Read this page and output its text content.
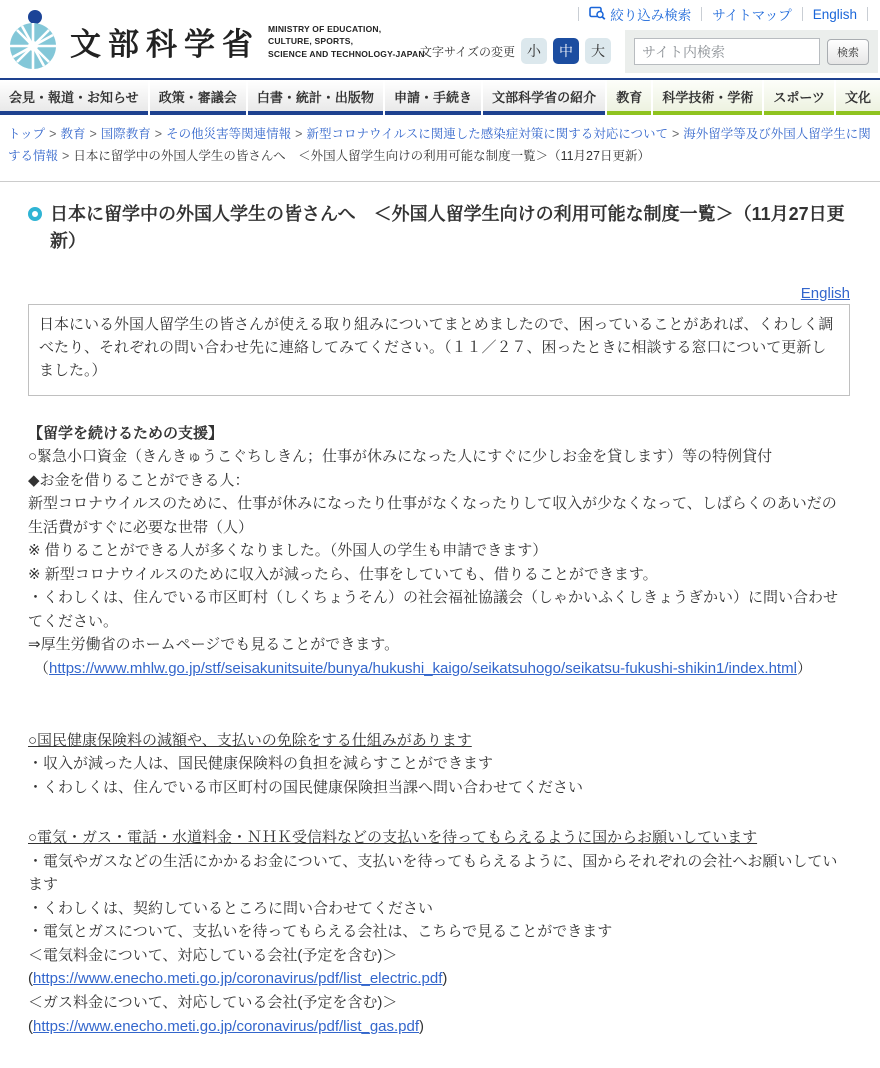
文部科学省 MINISTRY OF EDUCATION,
CULTURE, SPORTS,
SCIENCE AND TECHNOLOGY-JAPAN
絞り込み検索 サイトマップ English
文字サイズの変更 小	中	大
サイト内検索	検索
会見・報道・お知らせ	政策・審議会	白書・統計・出版物	申請・手続き	文部科学省の紹介	教育	科学技術・学術	スポーツ	文化
トップ > 教育 > 国際教育 > その他災害等関連情報 > 新型コロナウイルスに関連した感染症対策に関する対応について > 海外留学等及び外国人留学生に関する情報 > 日本に留学中の外国人学生の皆さんへ　＜外国人留学生向けの利用可能な制度一覧＞（11月27日更新）
日本に留学中の外国人学生の皆さんへ　＜外国人留学生向けの利用可能な制度一覧＞（11月27日更新）
English

日本にいる外国人留学生の皆さんが使える取り組みについてまとめましたので、困っていることがあれば、くわしく調べたり、それぞれの問い合わせ先に連絡してみてください。（１１／２７、困ったときに相談する窓口について更新しました。）

【留学を続けるための支援】

○緊急小口資金（きんきゅうこぐちしきん；仕事が休みになった人にすぐに少しお金を貸します）等の特例貸付

◆お金を借りることができる人：

新型コロナウイルスのために、仕事が休みになったり仕事がなくなったりして収入が少なくなって、しばらくのあいだの生活費がすぐに必要な世帯（人）

※ 借りることができる人が多くなりました。（外国人の学生も申請できます）

※ 新型コロナウイルスのために収入が減ったら、仕事をしていても、借りることができます。

・くわしくは、住んでいる市区町村（しくちょうそん）の社会福祉協議会（しゃかいふくしきょうぎかい）に問い合わせてください。

⇒厚生労働省のホームページでも見ることができます。

（https://www.mhlw.go.jp/stf/seisakunitsuite/bunya/hukushi_kaigo/seikatsuhogo/seikatsu-fukushi-shikin1/index.html）

○国民健康保険料の減額や、支払いの免除をする仕組みがあります

・収入が減った人は、国民健康保険料の負担を減らすことができます

・くわしくは、住んでいる市区町村の国民健康保険担当課へ問い合わせてください

○電気・ガス・電話・水道料金・ＮＨＫ受信料などの支払いを待ってもらえるように国からお願いしています

・電気やガスなどの生活にかかるお金について、支払いを待ってもらえるように、国からそれぞれの会社へお願いしています

・くわしくは、契約しているところに問い合わせてください

・電気とガスについて、支払いを待ってもらえる会社は、こちらで見ることができます

＜電気料金について、対応している会社(予定を含む)＞

(https://www.enecho.meti.go.jp/coronavirus/pdf/list_electric.pdf)

＜ガス料金について、対応している会社(予定を含む)＞

(https://www.enecho.meti.go.jp/coronavirus/pdf/list_gas.pdf)
